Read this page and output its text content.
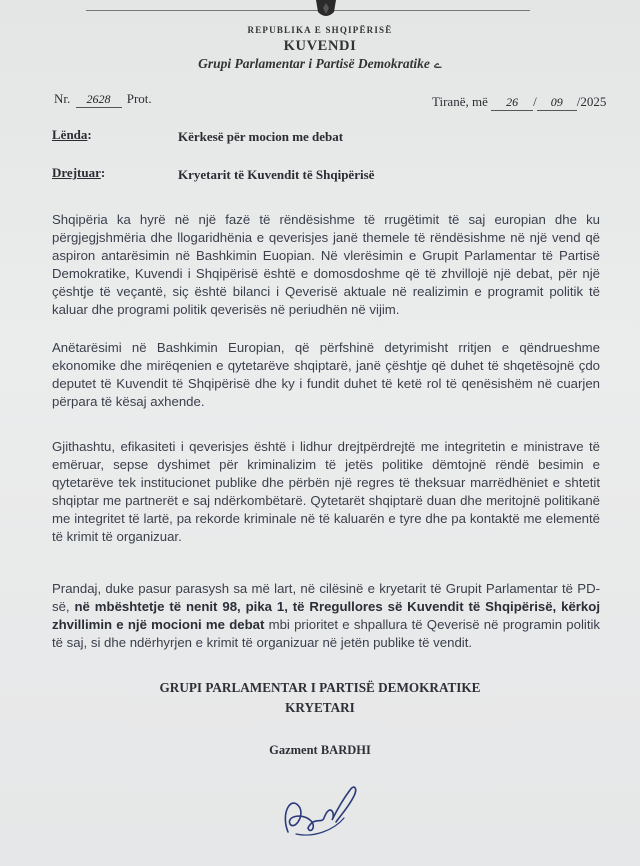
REPUBLIKA E SHQIPËRISË
KUVENDI
Grupi Parlamentar i Partisë Demokratike ے
Nr. 2628 Prot.	Tiranë, më 26 / 09 /2025
Lënda:	Kërkesë për mocion me debat
Drejtuar:	Kryetarit të Kuvendit të Shqipërisë
Shqipëria ka hyrë në një fazë të rëndësishme të rrugëtimit të saj europian dhe ku përgjegjshmëria dhe llogaridhënia e qeverisjes janë themele të rëndësishme në një vend që aspiron antarësimin në Bashkimin Euopian. Në vlerësimin e Grupit Parlamentar të Partisë Demokratike, Kuvendi i Shqipërisë është e domosdoshme që të zhvillojë një debat, për një çështje të veçantë, siç është bilanci i Qeverisë aktuale në realizimin e programit politik të kaluar dhe programi politik qeverisës në periudhën në vijim.
Anëtarësimi në Bashkimin Europian, që përfshinë detyrimisht rritjen e qëndrueshme ekonomike dhe mirëqenien e qytetarëve shqiptarë, janë çështje që duhet të shqetësojnë çdo deputet të Kuvendit të Shqipërisë dhe ky i fundit duhet të ketë rol të qenësishëm në cuarjen përpara të kësaj axhende.
Gjithashtu, efikasiteti i qeverisjes është i lidhur drejtpërdrejtë me integritetin e ministrave të emëruar, sepse dyshimet për kriminalizim të jetës politike dëmtojnë rëndë besimin e qytetarëve tek institucionet publike dhe përbën një regres të theksuar marrëdhëniet e shtetit shqiptar me partnerët e saj ndërkombëtarë. Qytetarët shqiptarë duan dhe meritojnë politikanë me integritet të lartë, pa rekorde kriminale në të kaluarën e tyre dhe pa kontaktë me elementë të krimit të organizuar.
Prandaj, duke pasur parasysh sa më lart, në cilësinë e kryetarit të Grupit Parlamentar të PD-së, në mbështetje të nenit 98, pika 1, të Rregullores së Kuvendit të Shqipërisë, kërkoj zhvillimin e një mocioni me debat mbi prioritet e shpallura të Qeverisë në programin politik të saj, si dhe ndërhyrjen e krimit të organizuar në jetën publike të vendit.
GRUPI PARLAMENTAR I PARTISË DEMOKRATIKE
KRYETARI
Gazment BARDHI
